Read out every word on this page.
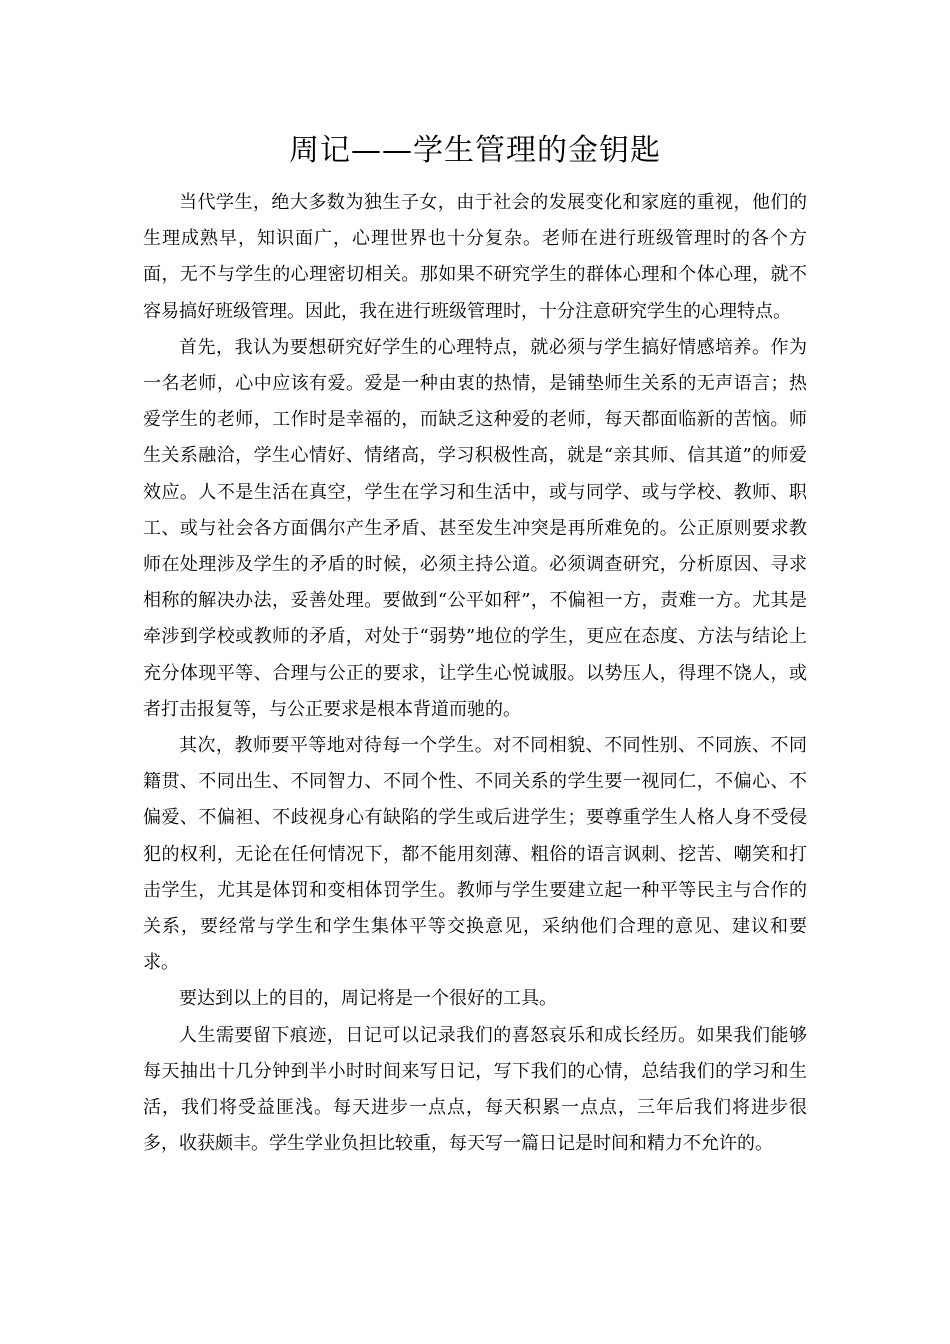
周记——学生管理的金钥匙

当代学生，绝大多数为独生子女，由于社会的发展变化和家庭的重视，他们的生理成熟早，知识面广，心理世界也十分复杂。老师在进行班级管理时的各个方面，无不与学生的心理密切相关。那如果不研究学生的群体心理和个体心理，就不容易搞好班级管理。因此，我在进行班级管理时，十分注意研究学生的心理特点。

首先，我认为要想研究好学生的心理特点，就必须与学生搞好情感培养。作为一名老师，心中应该有爱。爱是一种由衷的热情，是铺垫师生关系的无声语言；热爱学生的老师，工作时是幸福的，而缺乏这种爱的老师，每天都面临新的苦恼。师生关系融洽，学生心情好、情绪高，学习积极性高，就是“亲其师、信其道”的师爱效应。人不是生活在真空，学生在学习和生活中，或与同学、或与学校、教师、职工、或与社会各方面偶尔产生矛盾、甚至发生冲突是再所难免的。公正原则要求教师在处理涉及学生的矛盾的时候，必须主持公道。必须调查研究，分析原因、寻求相称的解决办法，妥善处理。要做到“公平如秤”，不偏袒一方，责难一方。尤其是牵涉到学校或教师的矛盾，对处于“弱势”地位的学生，更应在态度、方法与结论上充分体现平等、合理与公正的要求，让学生心悦诚服。以势压人，得理不饶人，或者打击报复等，与公正要求是根本背道而驰的。

其次，教师要平等地对待每一个学生。对不同相貌、不同性别、不同族、不同籍贯、不同出生、不同智力、不同个性、不同关系的学生要一视同仁，不偏心、不偏爱、不偏袒、不歧视身心有缺陷的学生或后进学生；要尊重学生人格人身不受侵犯的权利，无论在任何情况下，都不能用刻薄、粗俗的语言讽刺、挖苦、嘲笑和打击学生，尤其是体罚和变相体罚学生。教师与学生要建立起一种平等民主与合作的关系，要经常与学生和学生集体平等交换意见，采纳他们合理的意见、建议和要求。

要达到以上的目的，周记将是一个很好的工具。

人生需要留下痕迹，日记可以记录我们的喜怒哀乐和成长经历。如果我们能够每天抽出十几分钟到半小时时间来写日记，写下我们的心情，总结我们的学习和生活，我们将受益匪浅。每天进步一点点，每天积累一点点，三年后我们将进步很多，收获颇丰。学生学业负担比较重，每天写一篇日记是时间和精力不允许的。
